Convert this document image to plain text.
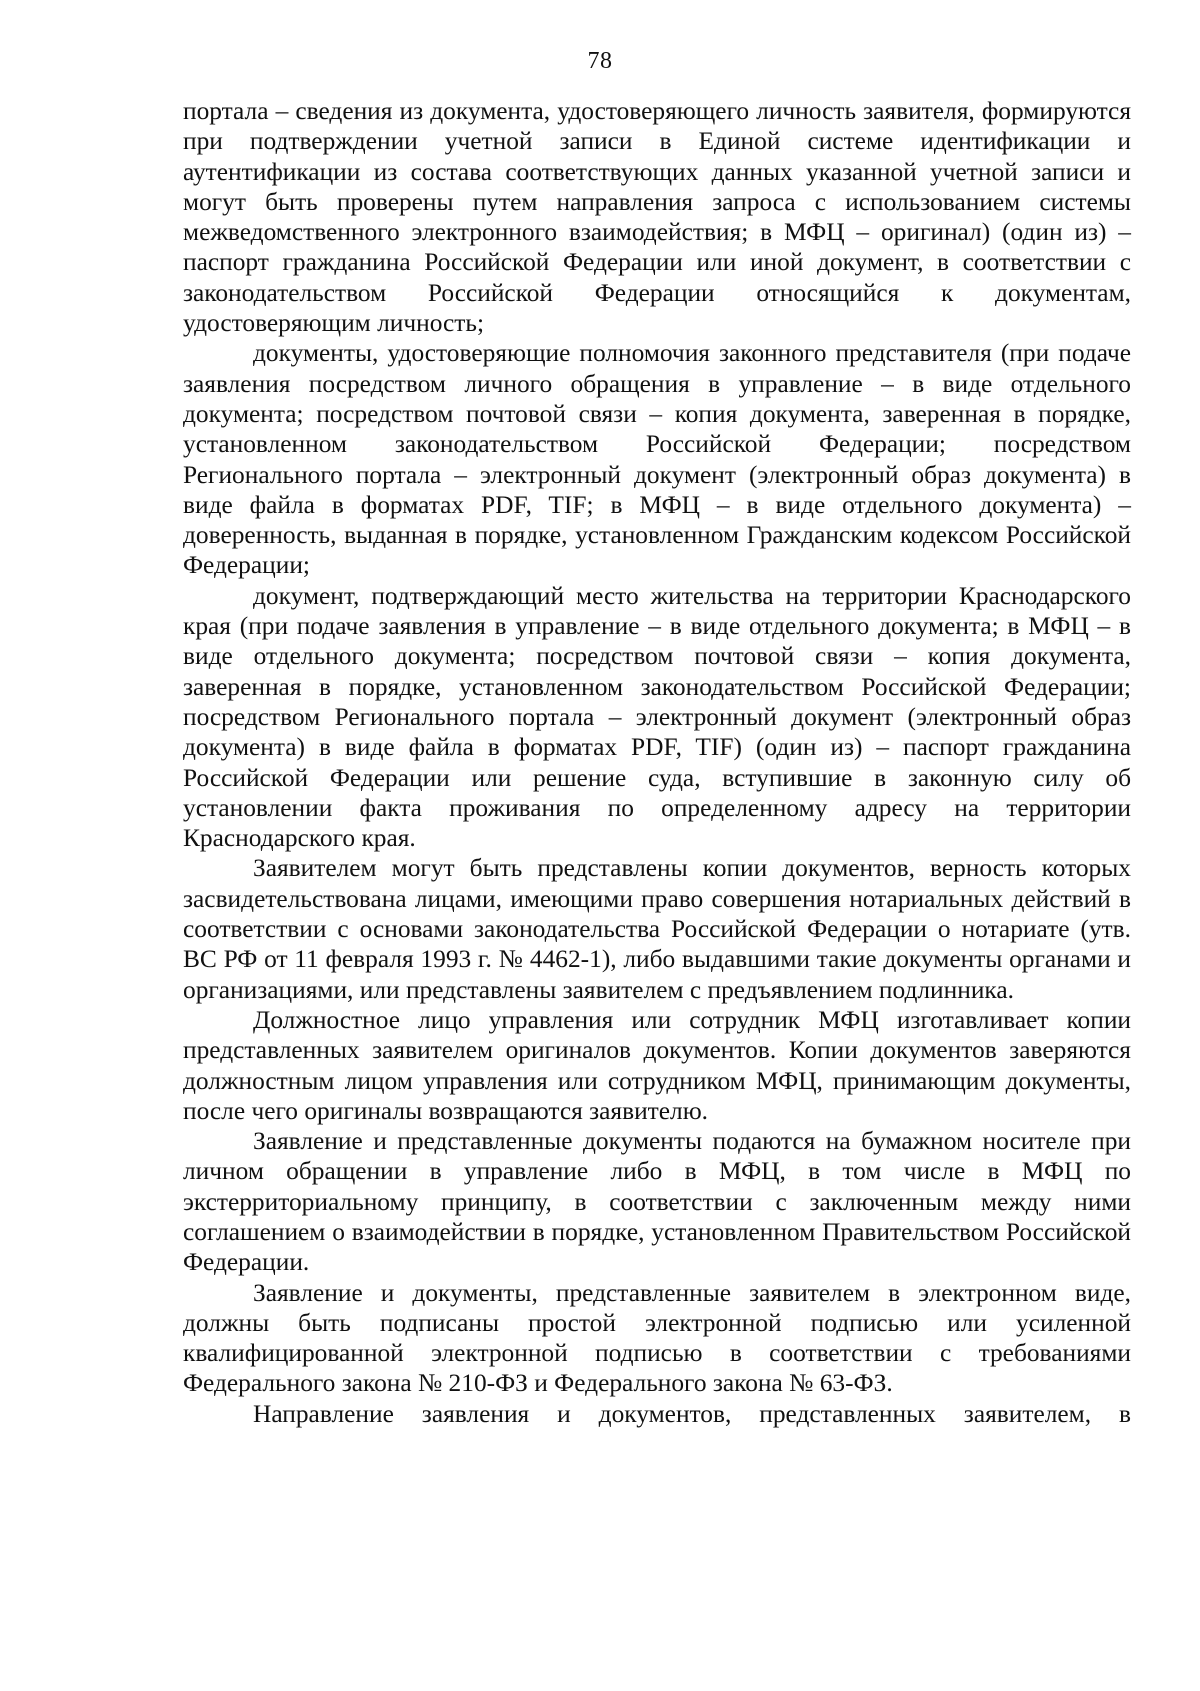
78

портала – сведения из документа, удостоверяющего личность заявителя, формируются при подтверждении учетной записи в Единой системе идентификации и аутентификации из состава соответствующих данных указанной учетной записи и могут быть проверены путем направления запроса с использованием системы межведомственного электронного взаимодействия; в МФЦ – оригинал) (один из) – паспорт гражданина Российской Федерации или иной документ, в соответствии с законодательством Российской Федерации относящийся к документам, удостоверяющим личность;

документы, удостоверяющие полномочия законного представителя (при подаче заявления посредством личного обращения в управление – в виде отдельного документа; посредством почтовой связи – копия документа, заверенная в порядке, установленном законодательством Российской Федерации; посредством Регионального портала – электронный документ (электронный образ документа) в виде файла в форматах PDF, TIF; в МФЦ – в виде отдельного документа) – доверенность, выданная в порядке, установленном Гражданским кодексом Российской Федерации;

документ, подтверждающий место жительства на территории Краснодарского края (при подаче заявления в управление – в виде отдельного документа; в МФЦ – в виде отдельного документа; посредством почтовой связи – копия документа, заверенная в порядке, установленном законодательством Российской Федерации; посредством Регионального портала – электронный документ (электронный образ документа) в виде файла в форматах PDF, TIF) (один из) – паспорт гражданина Российской Федерации или решение суда, вступившие в законную силу об установлении факта проживания по определенному адресу на территории Краснодарского края.

Заявителем могут быть представлены копии документов, верность которых засвидетельствована лицами, имеющими право совершения нотариальных действий в соответствии с основами законодательства Российской Федерации о нотариате (утв. ВС РФ от 11 февраля 1993 г. № 4462-1), либо выдавшими такие документы органами и организациями, или представлены заявителем с предъявлением подлинника.

Должностное лицо управления или сотрудник МФЦ изготавливает копии представленных заявителем оригиналов документов. Копии документов заверяются должностным лицом управления или сотрудником МФЦ, принимающим документы, после чего оригиналы возвращаются заявителю.

Заявление и представленные документы подаются на бумажном носителе при личном обращении в управление либо в МФЦ, в том числе в МФЦ по экстерриториальному принципу, в соответствии с заключенным между ними соглашением о взаимодействии в порядке, установленном Правительством Российской Федерации.

Заявление и документы, представленные заявителем в электронном виде, должны быть подписаны простой электронной подписью или усиленной квалифицированной электронной подписью в соответствии с требованиями Федерального закона № 210-ФЗ и Федерального закона № 63-ФЗ.

Направление заявления и документов, представленных заявителем, в
